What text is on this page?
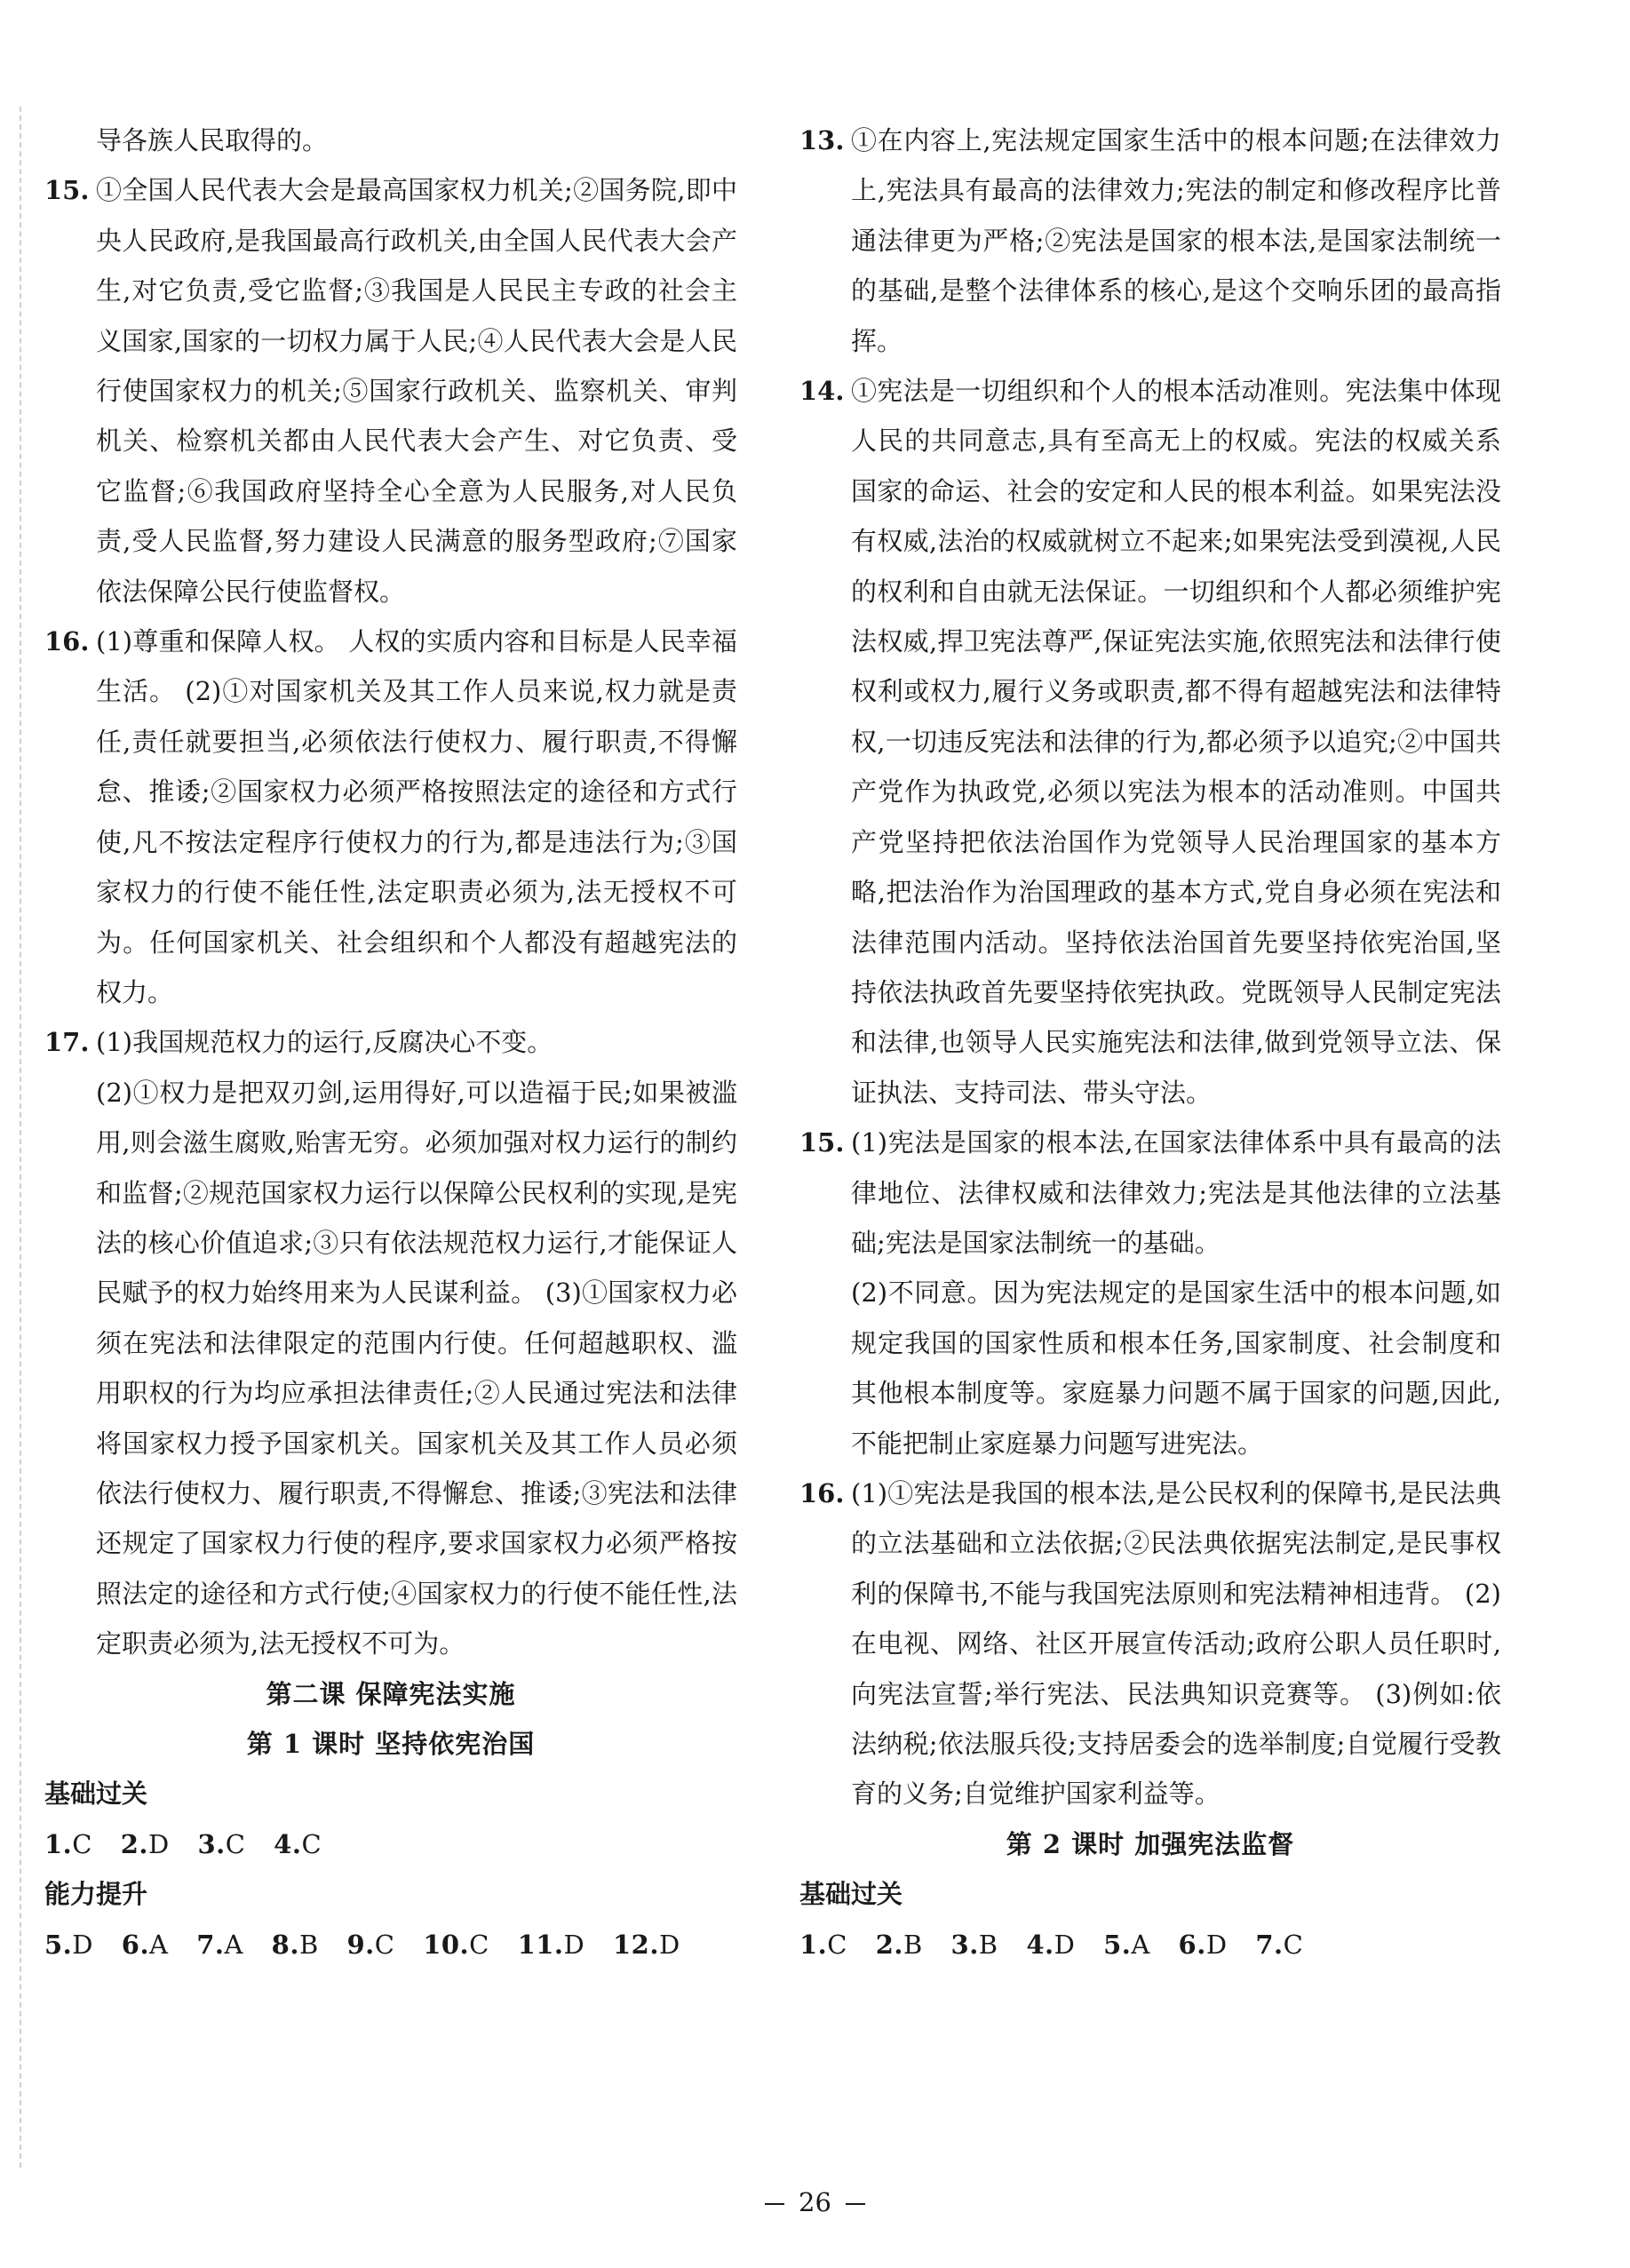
导各族人民取得的。

15. ①全国人民代表大会是最高国家权力机关;②国务院,即中央人民政府,是我国最高行政机关,由全国人民代表大会产生,对它负责,受它监督;③我国是人民民主专政的社会主义国家,国家的一切权力属于人民;④人民代表大会是人民行使国家权力的机关;⑤国家行政机关、监察机关、审判机关、检察机关都由人民代表大会产生、对它负责、受它监督;⑥我国政府坚持全心全意为人民服务,对人民负责,受人民监督,努力建设人民满意的服务型政府;⑦国家依法保障公民行使监督权。

16. (1)尊重和保障人权。 人权的实质内容和目标是人民幸福生活。 (2)①对国家机关及其工作人员来说,权力就是责任,责任就要担当,必须依法行使权力、履行职责,不得懈怠、推诿;②国家权力必须严格按照法定的途径和方式行使,凡不按法定程序行使权力的行为,都是违法行为;③国家权力的行使不能任性,法定职责必须为,法无授权不可为。任何国家机关、社会组织和个人都没有超越宪法的权力。

17. (1)我国规范权力的运行,反腐决心不变。
(2)①权力是把双刃剑,运用得好,可以造福于民;如果被滥用,则会滋生腐败,贻害无穷。必须加强对权力运行的制约和监督;②规范国家权力运行以保障公民权利的实现,是宪法的核心价值追求;③只有依法规范权力运行,才能保证人民赋予的权力始终用来为人民谋利益。 (3)①国家权力必须在宪法和法律限定的范围内行使。任何超越职权、滥用职权的行为均应承担法律责任;②人民通过宪法和法律将国家权力授予国家机关。国家机关及其工作人员必须依法行使权力、履行职责,不得懈怠、推诿;③宪法和法律还规定了国家权力行使的程序,要求国家权力必须严格按照法定的途径和方式行使;④国家权力的行使不能任性,法定职责必须为,法无授权不可为。

第二课 保障宪法实施

第 1 课时 坚持依宪治国

基础过关

1.C 2.D 3.C 4.C

能力提升

5.D 6.A 7.A 8.B 9.C 10.C 11.D 12.D

13. ①在内容上,宪法规定国家生活中的根本问题;在法律效力上,宪法具有最高的法律效力;宪法的制定和修改程序比普通法律更为严格;②宪法是国家的根本法,是国家法制统一的基础,是整个法律体系的核心,是这个交响乐团的最高指挥。

14. ①宪法是一切组织和个人的根本活动准则。宪法集中体现人民的共同意志,具有至高无上的权威。宪法的权威关系国家的命运、社会的安定和人民的根本利益。如果宪法没有权威,法治的权威就树立不起来;如果宪法受到漠视,人民的权利和自由就无法保证。一切组织和个人都必须维护宪法权威,捍卫宪法尊严,保证宪法实施,依照宪法和法律行使权利或权力,履行义务或职责,都不得有超越宪法和法律特权,一切违反宪法和法律的行为,都必须予以追究;②中国共产党作为执政党,必须以宪法为根本的活动准则。中国共产党坚持把依法治国作为党领导人民治理国家的基本方略,把法治作为治国理政的基本方式,党自身必须在宪法和法律范围内活动。坚持依法治国首先要坚持依宪治国,坚持依法执政首先要坚持依宪执政。党既领导人民制定宪法和法律,也领导人民实施宪法和法律,做到党领导立法、保证执法、支持司法、带头守法。

15. (1)宪法是国家的根本法,在国家法律体系中具有最高的法律地位、法律权威和法律效力;宪法是其他法律的立法基础;宪法是国家法制统一的基础。
(2)不同意。因为宪法规定的是国家生活中的根本问题,如规定我国的国家性质和根本任务,国家制度、社会制度和其他根本制度等。家庭暴力问题不属于国家的问题,因此,不能把制止家庭暴力问题写进宪法。

16. (1)①宪法是我国的根本法,是公民权利的保障书,是民法典的立法基础和立法依据;②民法典依据宪法制定,是民事权利的保障书,不能与我国宪法原则和宪法精神相违背。 (2)在电视、网络、社区开展宣传活动;政府公职人员任职时,向宪法宣誓;举行宪法、民法典知识竞赛等。 (3)例如:依法纳税;依法服兵役;支持居委会的选举制度;自觉履行受教育的义务;自觉维护国家利益等。

第 2 课时 加强宪法监督

基础过关

1.C 2.B 3.B 4.D 5.A 6.D 7.C

26
